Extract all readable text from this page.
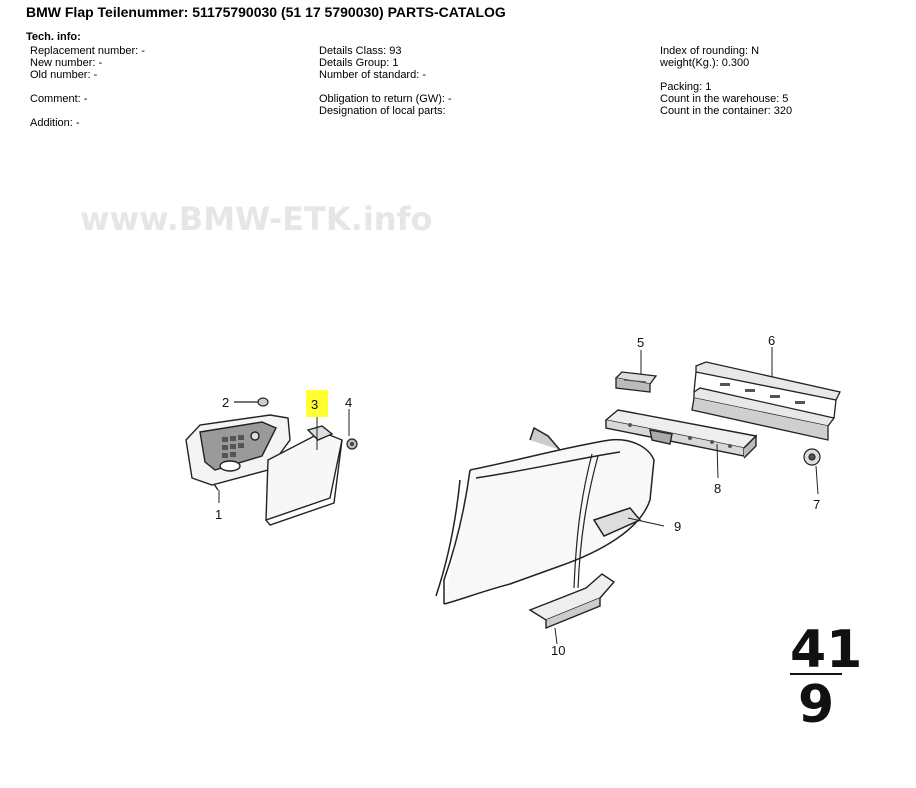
BMW Flap Teilenummer: 51175790030 (51 17 5790030) PARTS-CATALOG
Tech. info:
Replacement number: -
New number: -
Old number: -
Comment: -
Addition: -
Details Class: 93
Details Group: 1
Number of standard: -
Obligation to return (GW): -
Designation of local parts:
Index of rounding: N
weight(Kg.): 0.300
Packing: 1
Count in the warehouse: 5
Count in the container: 320
www.BMW-ETK.info
1
2	3 4
5	6
7
8
9
10	41
9
